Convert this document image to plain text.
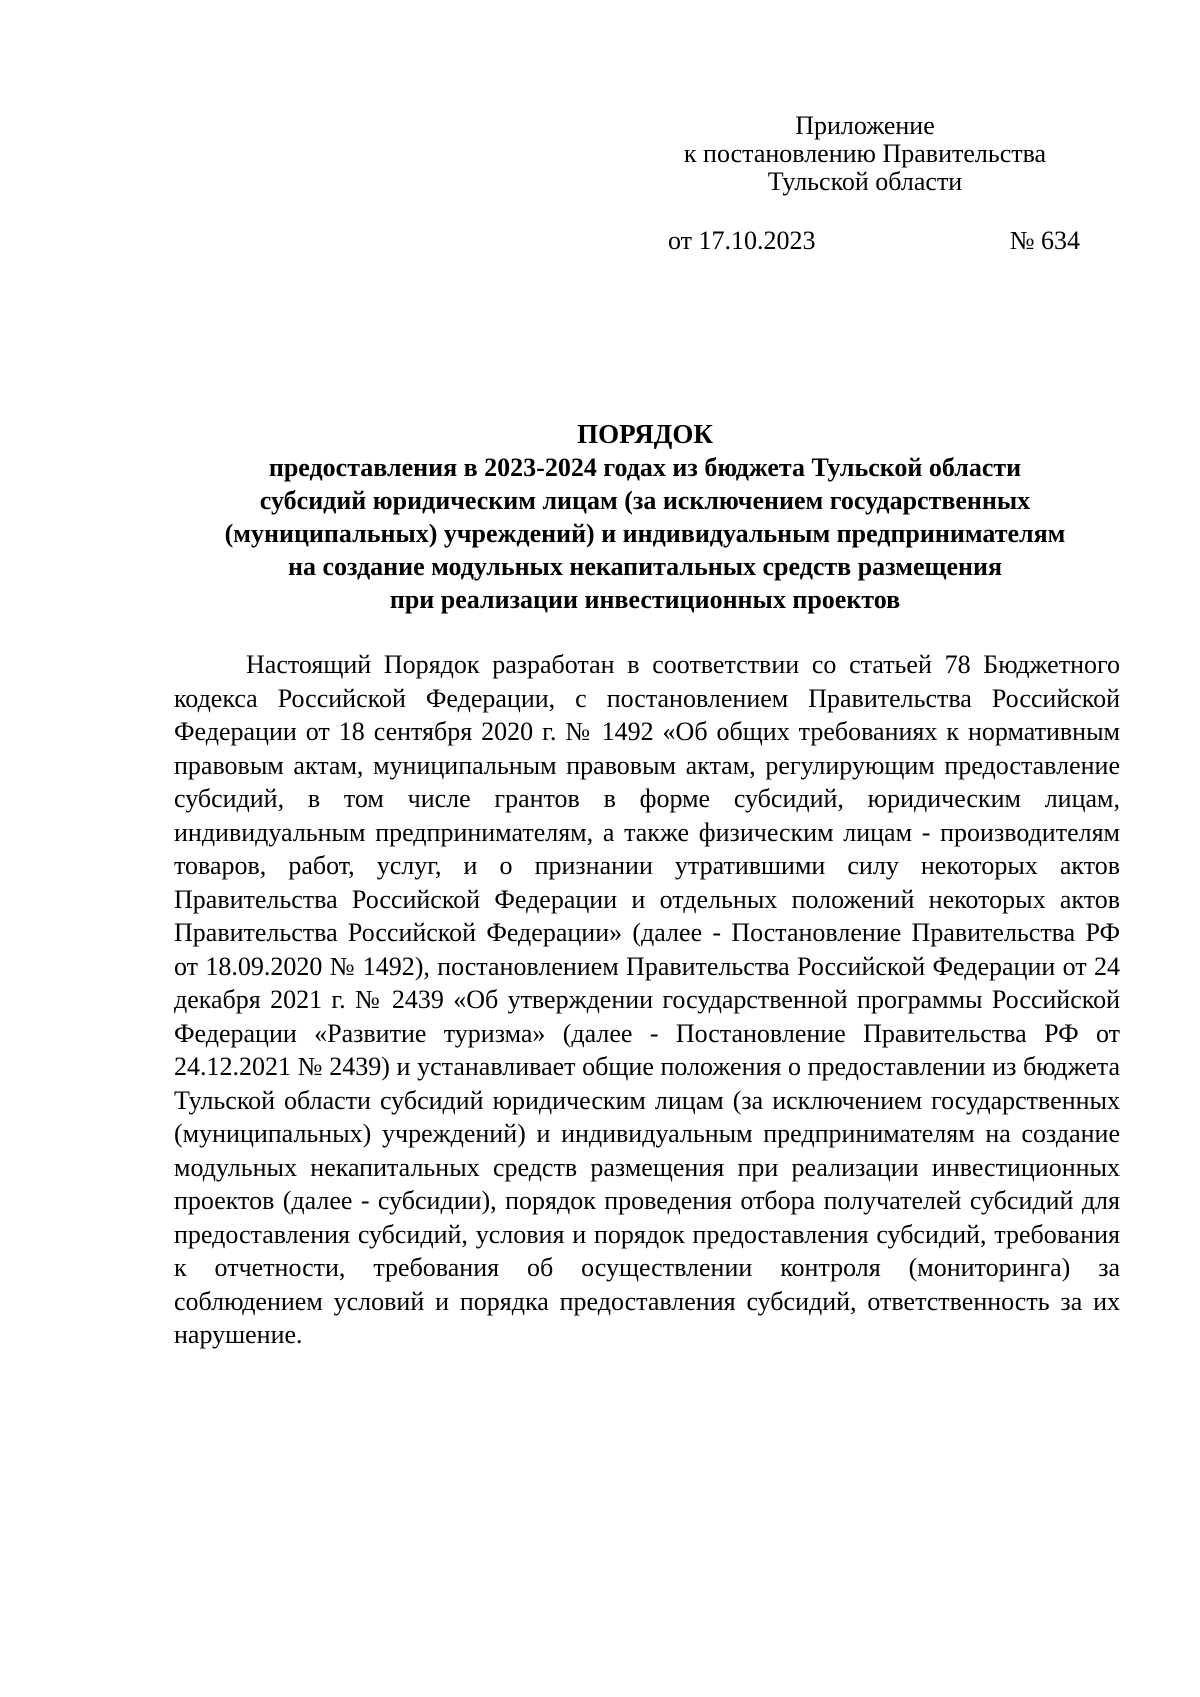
Приложение
к постановлению Правительства
Тульской области
от 17.10.2023	№ 634
ПОРЯДОК
предоставления в 2023-2024 годах из бюджета Тульской области
субсидий юридическим лицам (за исключением государственных
(муниципальных) учреждений) и индивидуальным предпринимателям
на создание модульных некапитальных средств размещения
при реализации инвестиционных проектов

Настоящий Порядок разработан в соответствии со статьей 78 Бюджетного кодекса Российской Федерации, с постановлением Правительства Российской Федерации от 18 сентября 2020 г. № 1492 «Об общих требованиях к нормативным правовым актам, муниципальным правовым актам, регулирующим предоставление субсидий, в том числе грантов в форме субсидий, юридическим лицам, индивидуальным предпринимателям, а также физическим лицам - производителям товаров, работ, услуг, и о признании утратившими силу некоторых актов Правительства Российской Федерации и отдельных положений некоторых актов Правительства Российской Федерации» (далее - Постановление Правительства РФ от 18.09.2020 № 1492), постановлением Правительства Российской Федерации от 24 декабря 2021 г. № 2439 «Об утверждении государственной программы Российской Федерации «Развитие туризма» (далее - Постановление Правительства РФ от 24.12.2021 № 2439) и устанавливает общие положения о предоставлении из бюджета Тульской области субсидий юридическим лицам (за исключением государственных (муниципальных) учреждений) и индивидуальным предпринимателям на создание модульных некапитальных средств размещения при реализации инвестиционных проектов (далее - субсидии), порядок проведения отбора получателей субсидий для предоставления субсидий, условия и порядок предоставления субсидий, требования к отчетности, требования об осуществлении контроля (мониторинга) за соблюдением условий и порядка предоставления субсидий, ответственность за их нарушение.
